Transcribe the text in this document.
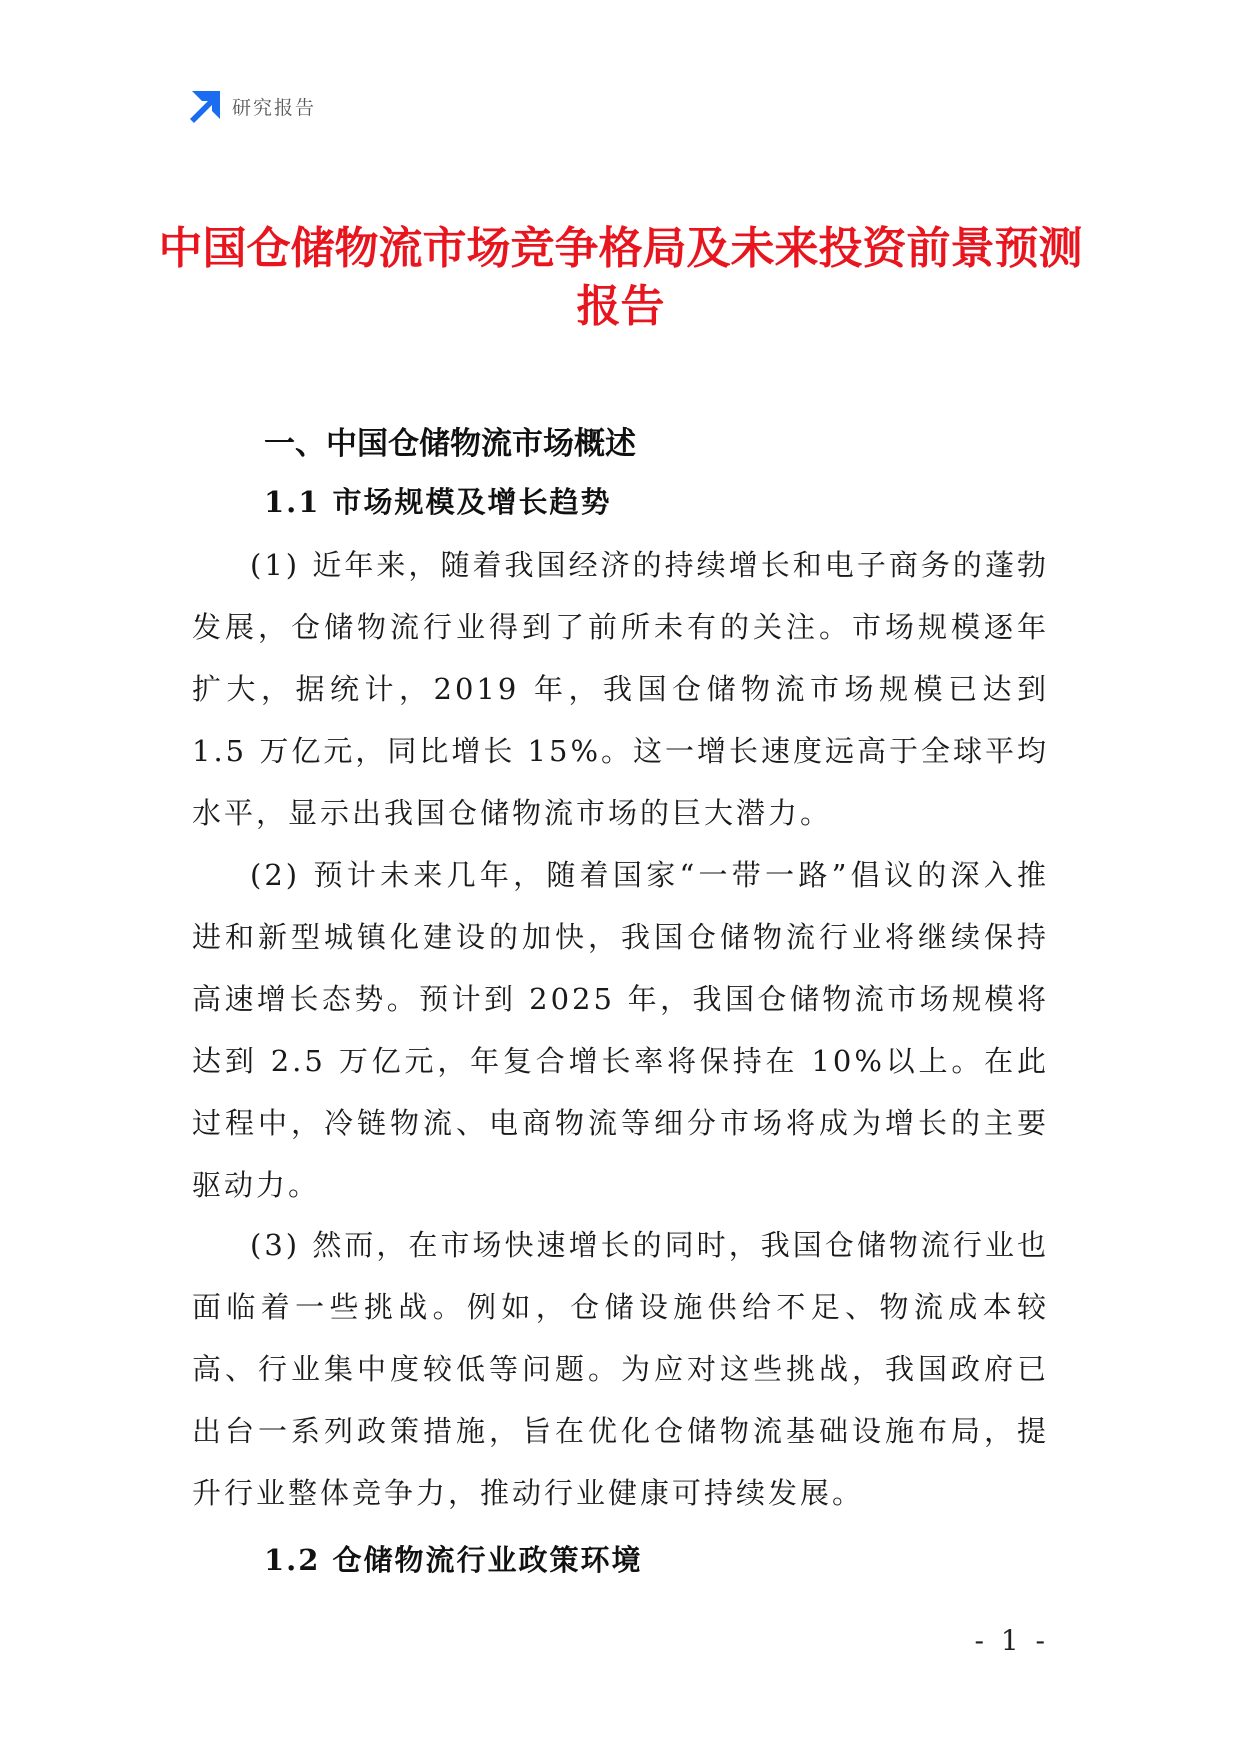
研究报告
中国仓储物流市场竞争格局及未来投资前景预测报告
一、中国仓储物流市场概述
1.1 市场规模及增长趋势

(1) 近年来，随着我国经济的持续增长和电子商务的蓬勃发展，仓储物流行业得到了前所未有的关注。市场规模逐年扩大，据统计，2019 年，我国仓储物流市场规模已达到 1.5 万亿元，同比增长 15%。这一增长速度远高于全球平均水平，显示出我国仓储物流市场的巨大潜力。

(2) 预计未来几年，随着国家“一带一路”倡议的深入推进和新型城镇化建设的加快，我国仓储物流行业将继续保持高速增长态势。预计到 2025 年，我国仓储物流市场规模将达到 2.5 万亿元，年复合增长率将保持在 10%以上。在此过程中，冷链物流、电商物流等细分市场将成为增长的主要驱动力。

(3) 然而，在市场快速增长的同时，我国仓储物流行业也面临着一些挑战。例如，仓储设施供给不足、物流成本较高、行业集中度较低等问题。为应对这些挑战，我国政府已出台一系列政策措施，旨在优化仓储物流基础设施布局，提升行业整体竞争力，推动行业健康可持续发展。

1.2 仓储物流行业政策环境
- 1 -
